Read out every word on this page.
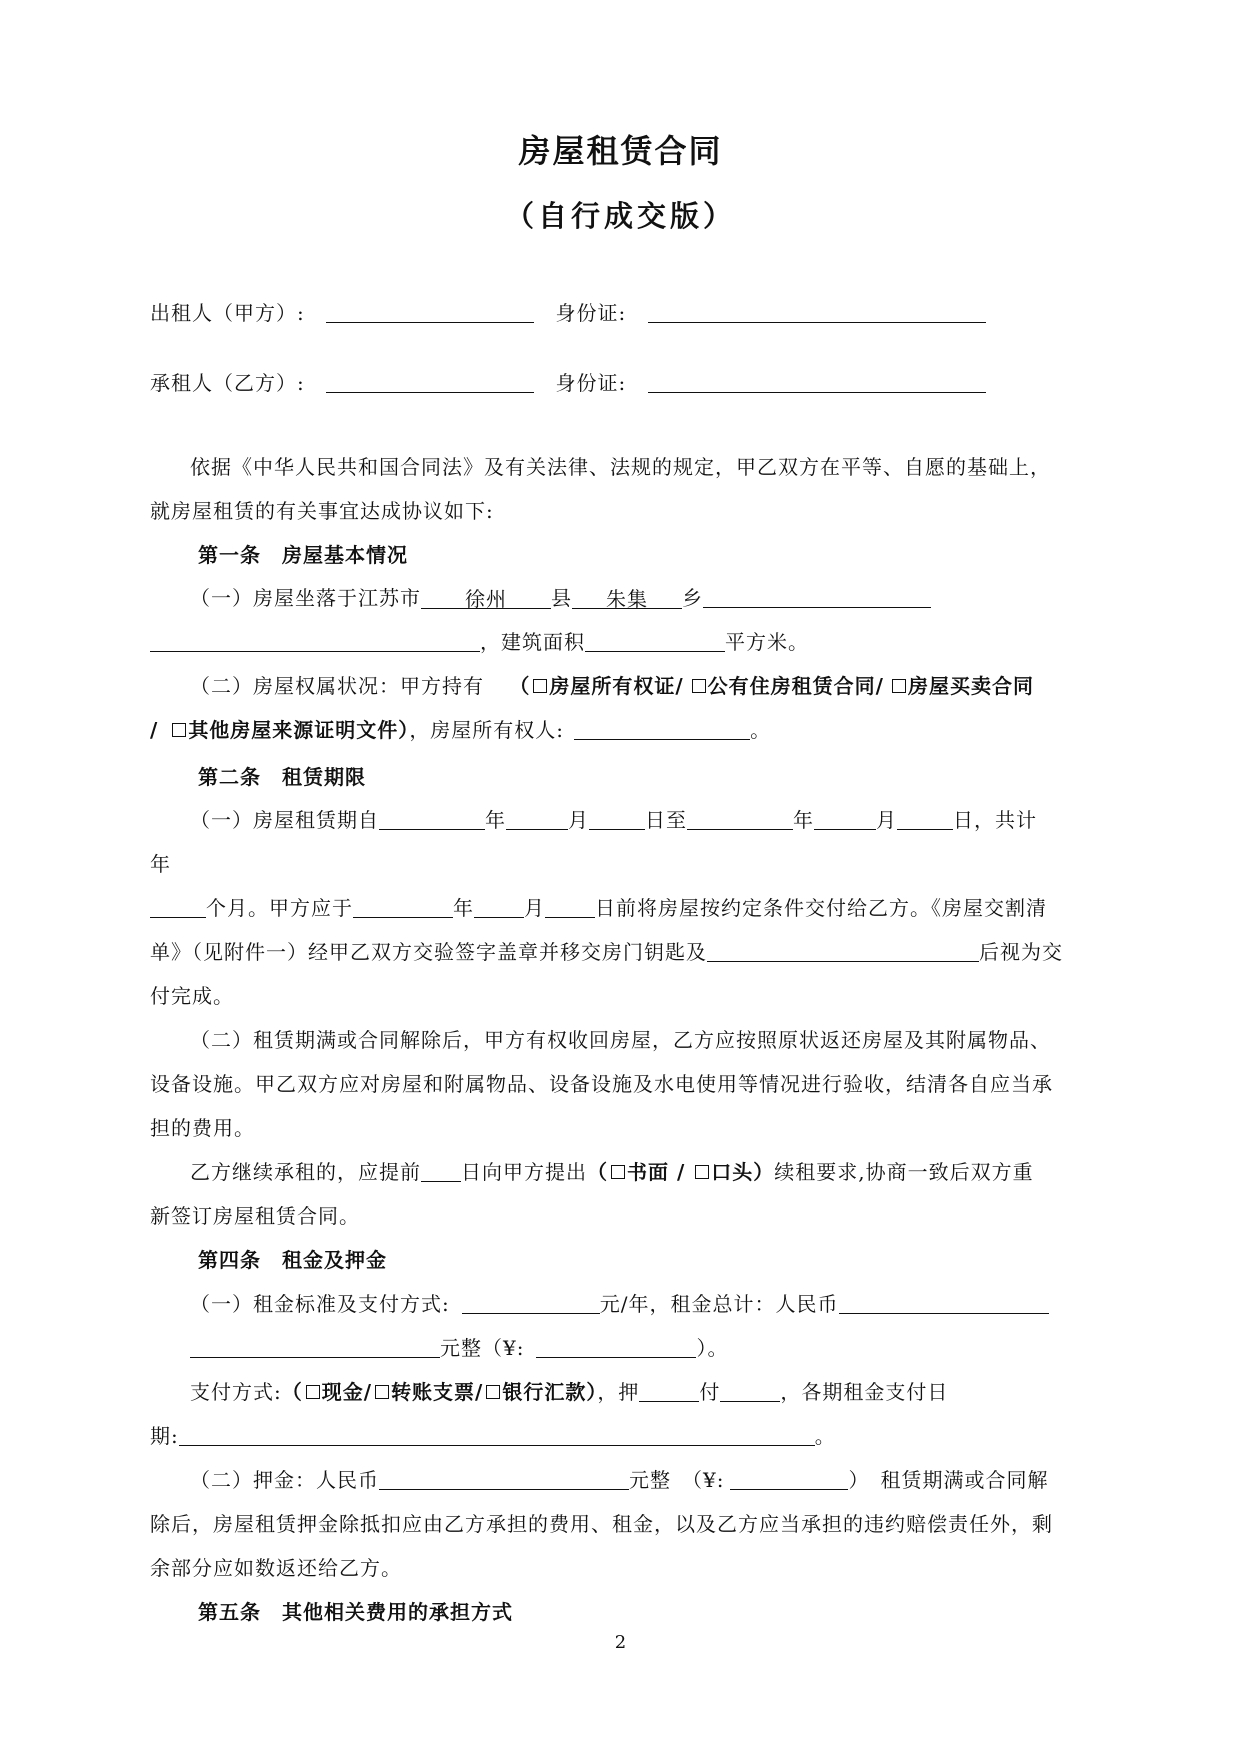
房屋租赁合同
（自行成交版）
出租人（甲方）:	身份证:
承租人（乙方）:	身份证:
依据《中华人民共和国合同法》及有关法律、法规的规定，甲乙双方在平等、自愿的基础上，
就房屋租赁的有关事宜达成协议如下:
第一条　房屋基本情况
（一）房屋坐落于江苏市 徐州 县 朱集 乡
，建筑面积	平方米。
（二）房屋权属状况：甲方持有 （ 房屋所有权证/ 公有住房租赁合同/ 房屋买卖合同
/ 其他房屋来源证明文件），房屋所有权人:	。
第二条　租赁期限
（一）房屋租赁期自	年	月	日至	年	月	日，共计
年
个月。甲方应于	年	月	日前将房屋按约定条件交付给乙方。《房屋交割清
单》（见附件一）经甲乙双方交验签字盖章并移交房门钥匙及	后视为交
付完成。
（二）租赁期满或合同解除后，甲方有权收回房屋，乙方应按照原状返还房屋及其附属物品、
设备设施。甲乙双方应对房屋和附属物品、设备设施及水电使用等情况进行验收，结清各自应当承
担的费用。
乙方继续承租的，应提前 日向甲方提出（ 书面 / 口头）续租要求,协商一致后双方重
新签订房屋租赁合同。
第四条　租金及押金
（一）租金标准及支付方式:	元/年，租金总计：人民币
元整（¥:	）。
支付方式:（ 现金/ 转账支票/ 银行汇款），押	付	，各期租金支付日
期:	。
（二）押金：人民币	元整　（¥:	）　租赁期满或合同解
除后，房屋租赁押金除抵扣应由乙方承担的费用、租金，以及乙方应当承担的违约赔偿责任外，剩
余部分应如数返还给乙方。
第五条　其他相关费用的承担方式
2
